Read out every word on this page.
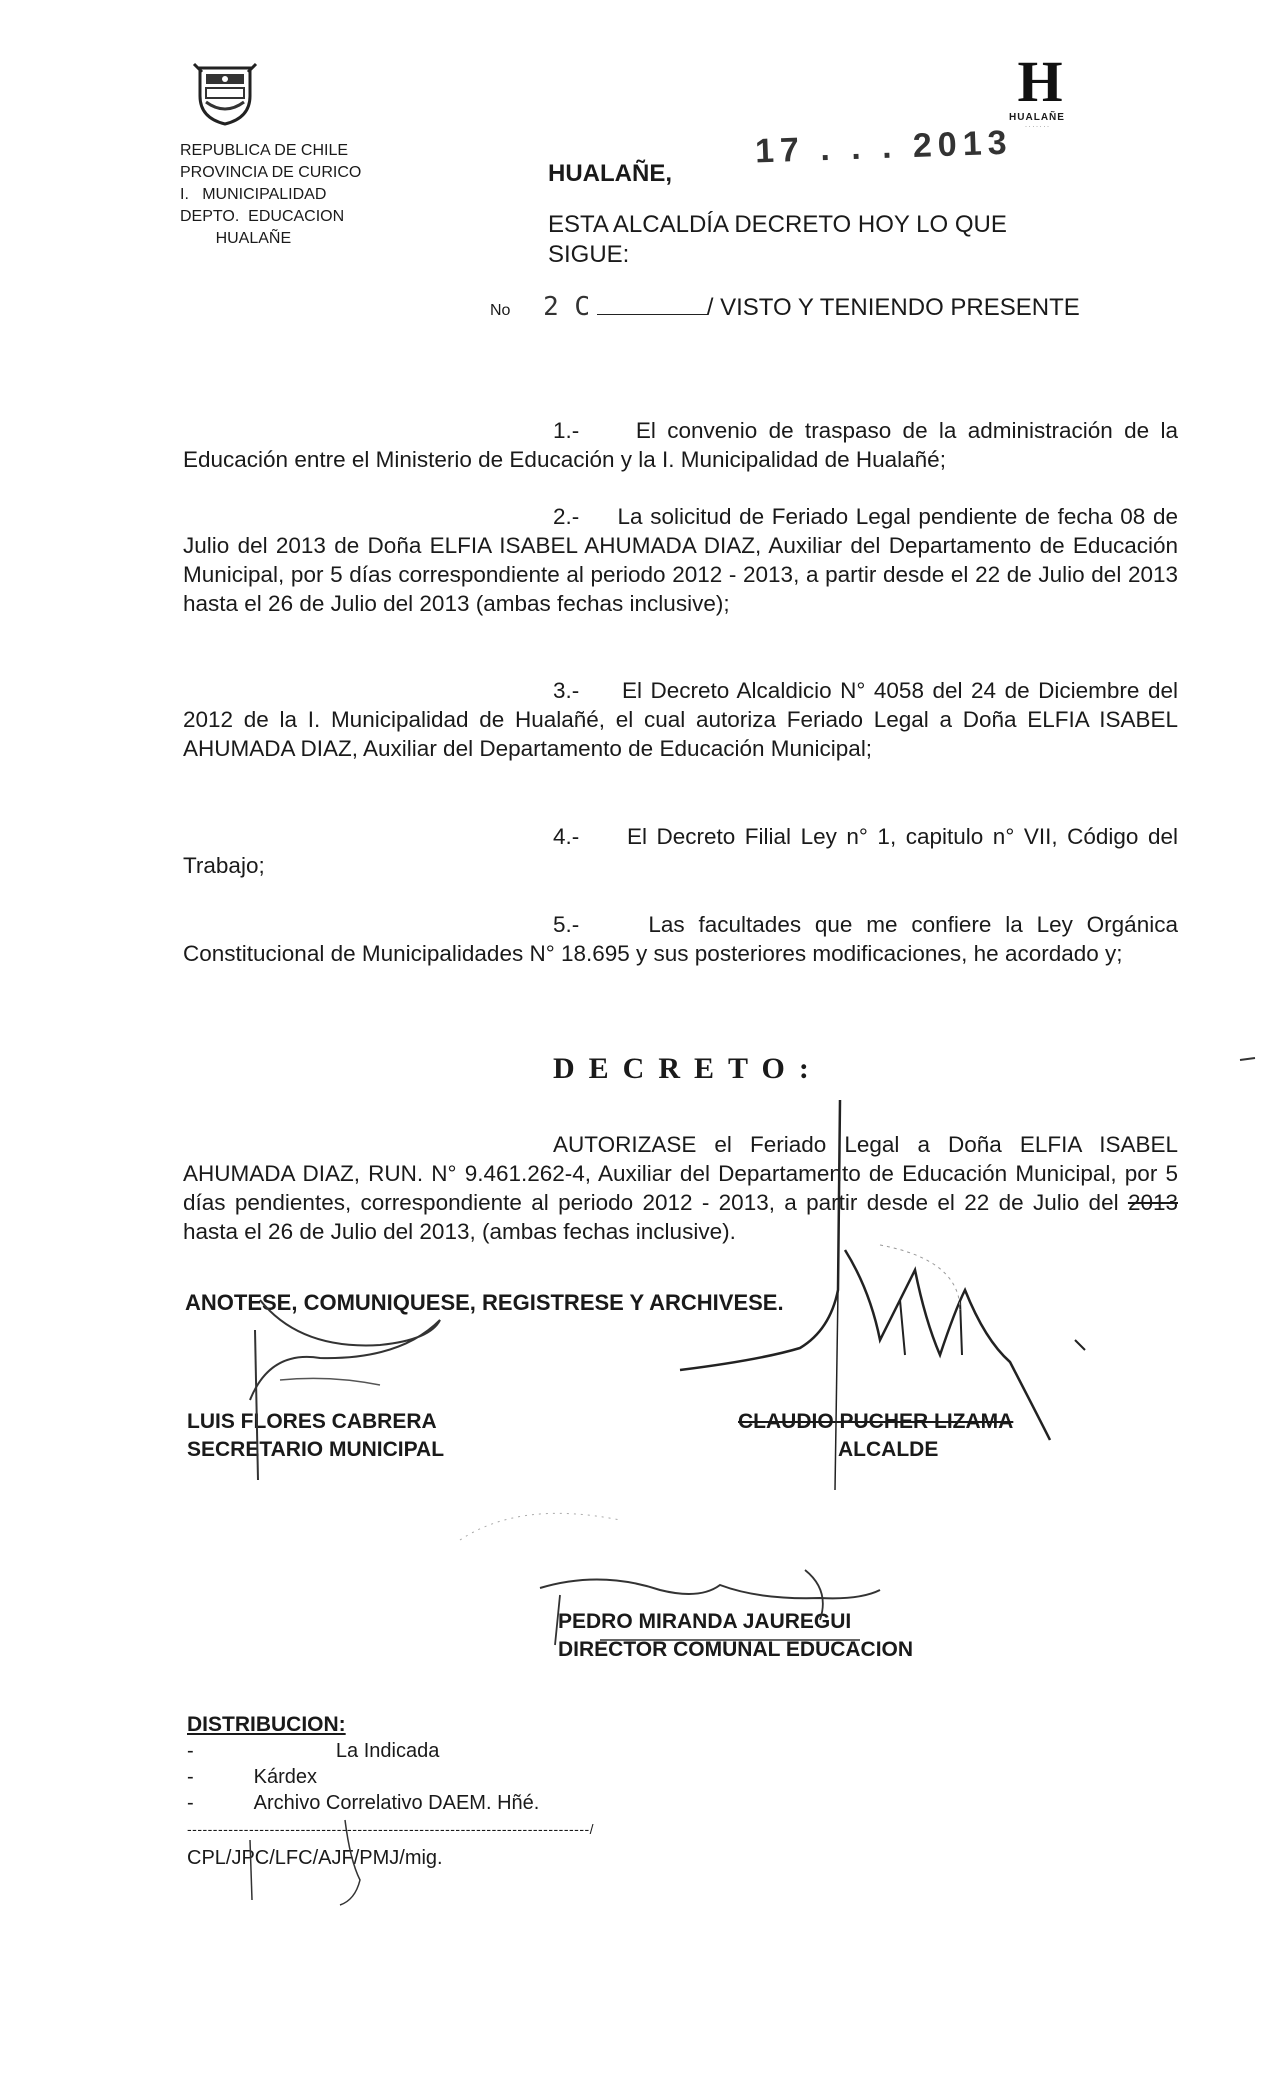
REPUBLICA DE CHILE
PROVINCIA DE CURICO
I.   MUNICIPALIDAD
DEPTO.  EDUCACION
HUALAÑE
H
HUALAÑE
· · · · · · ·
HUALAÑE,
17 . . . 2013
ESTA ALCALDÍA DECRETO HOY LO QUE
SIGUE:
No 2 C	/ VISTO Y TENIENDO PRESENTE
1.-	El convenio de traspaso de la administración de la Educación entre el Ministerio de Educación y la I. Municipalidad de Hualañé;
2.- La solicitud de Feriado Legal pendiente de fecha 08 de Julio del 2013 de Doña ELFIA ISABEL AHUMADA DIAZ, Auxiliar del Departamento de Educación Municipal, por 5 días correspondiente al periodo 2012 - 2013, a partir desde el 22 de Julio del 2013 hasta el 26 de Julio del 2013 (ambas fechas inclusive);
3.- El Decreto Alcaldicio N° 4058 del 24 de Diciembre del 2012 de la I. Municipalidad de Hualañé, el cual autoriza Feriado Legal a Doña ELFIA ISABEL AHUMADA DIAZ, Auxiliar del Departamento de Educación Municipal;
4.- El Decreto Filial Ley n° 1, capitulo n° VII, Código del Trabajo;
5.-	Las facultades que me confiere la Ley Orgánica Constitucional de Municipalidades N° 18.695 y sus posteriores modificaciones, he acordado y;
DECRETO:
AUTORIZASE el Feriado Legal a Doña ELFIA ISABEL AHUMADA DIAZ, RUN. N° 9.461.262-4, Auxiliar del Departamento de Educación Municipal, por 5 días pendientes, correspondiente al periodo 2012 - 2013, a partir desde el 22 de Julio del 2013 hasta el 26 de Julio del 2013, (ambas fechas inclusive).
ANOTESE, COMUNIQUESE, REGISTRESE Y ARCHIVESE.
LUIS FLORES CABRERA
SECRETARIO MUNICIPAL
CLAUDIO PUCHER LIZAMA
ALCALDE
PEDRO MIRANDA JAUREGUI
DIRECTOR COMUNAL EDUCACION
DISTRIBUCION:
-			La Indicada
-	Kárdex
-	Archivo Correlativo DAEM. Hñé.
------------------------------------------------------------------------------/
CPL/JPC/LFC/AJF/PMJ/mig.
